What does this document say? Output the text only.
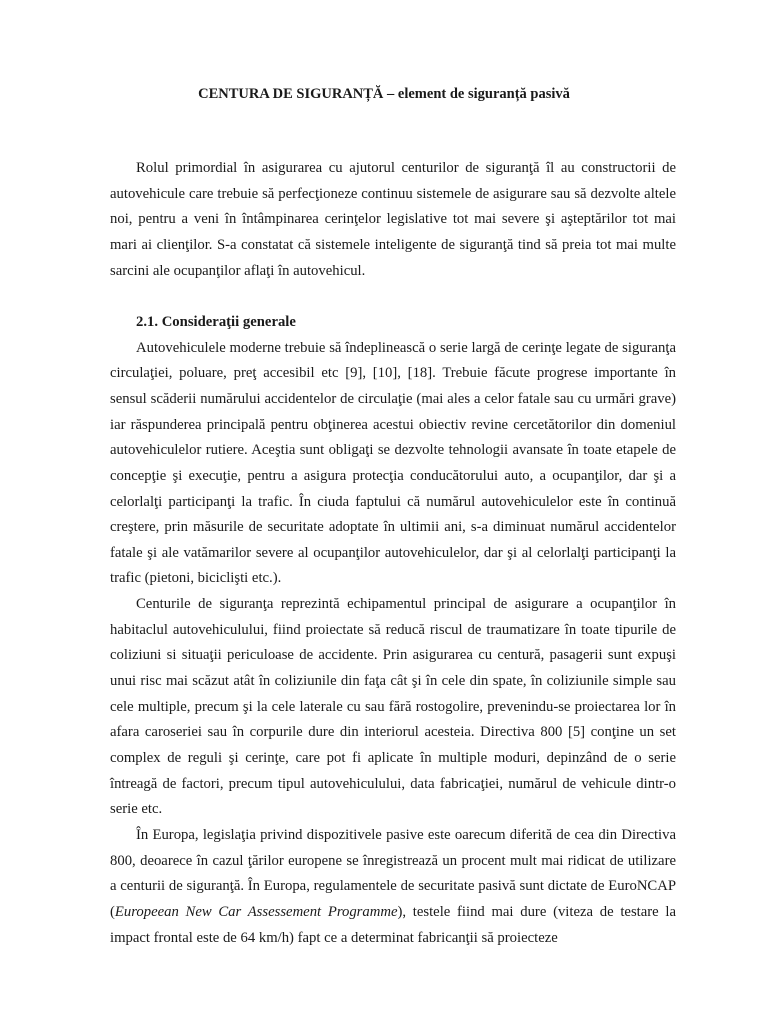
CENTURA DE SIGURANȚĂ – element de siguranță pasivă

Rolul primordial în asigurarea cu ajutorul centurilor de siguranţă îl au constructorii de autovehicule care trebuie să perfecţioneze continuu sistemele de asigurare sau să dezvolte altele noi, pentru a veni în întâmpinarea cerinţelor legislative tot mai severe şi aşteptărilor tot mai mari ai clienţilor. S-a constatat că sistemele inteligente de siguranţă tind să preia tot mai multe sarcini ale ocupanţilor aflaţi în autovehicul.

2.1. Consideraţii generale

Autovehiculele moderne trebuie să îndeplinească o serie largă de cerinţe legate de siguranţa circulaţiei, poluare, preţ accesibil etc [9], [10], [18]. Trebuie făcute progrese importante în sensul scăderii numărului accidentelor de circulaţie (mai ales a celor fatale sau cu urmări grave) iar răspunderea principală pentru obţinerea acestui obiectiv revine cercetătorilor din domeniul autovehiculelor rutiere. Aceştia sunt obligaţi se dezvolte tehnologii avansate în toate etapele de concepţie şi execuţie, pentru a asigura protecţia conducătorului auto, a ocupanţilor, dar şi a celorlalţi participanţi la trafic. În ciuda faptului că numărul autovehiculelor este în continuă creştere, prin măsurile de securitate adoptate în ultimii ani, s-a diminuat numărul accidentelor fatale şi ale vatămarilor severe al ocupanţilor autovehiculelor, dar şi al celorlalţi participanţi la trafic (pietoni, biciclişti etc.).

Centurile de siguranţa reprezintă echipamentul principal de asigurare a ocupanţilor în habitaclul autovehiculului, fiind proiectate să reducă riscul de traumatizare în toate tipurile de coliziuni si situaţii periculoase de accidente. Prin asigurarea cu centură, pasagerii sunt expuşi unui risc mai scăzut atât în coliziunile din faţa cât şi în cele din spate, în coliziunile simple sau cele multiple, precum şi la cele laterale cu sau fără rostogolire, prevenindu-se proiectarea lor în afara caroseriei sau în corpurile dure din interiorul acesteia. Directiva 800 [5] conţine un set complex de reguli şi cerinţe, care pot fi aplicate în multiple moduri, depinzând de o serie întreagă de factori, precum tipul autovehiculului, data fabricaţiei, numărul de vehicule dintr-o serie etc.

În Europa, legislaţia privind dispozitivele pasive este oarecum diferită de cea din Directiva 800, deoarece în cazul ţărilor europene se înregistrează un procent mult mai ridicat de utilizare a centurii de siguranţă. În Europa, regulamentele de securitate pasivă sunt dictate de EuroNCAP (Europeean New Car Assessement Programme), testele fiind mai dure (viteza de testare la impact frontal este de 64 km/h) fapt ce a determinat fabricanţii să proiecteze
